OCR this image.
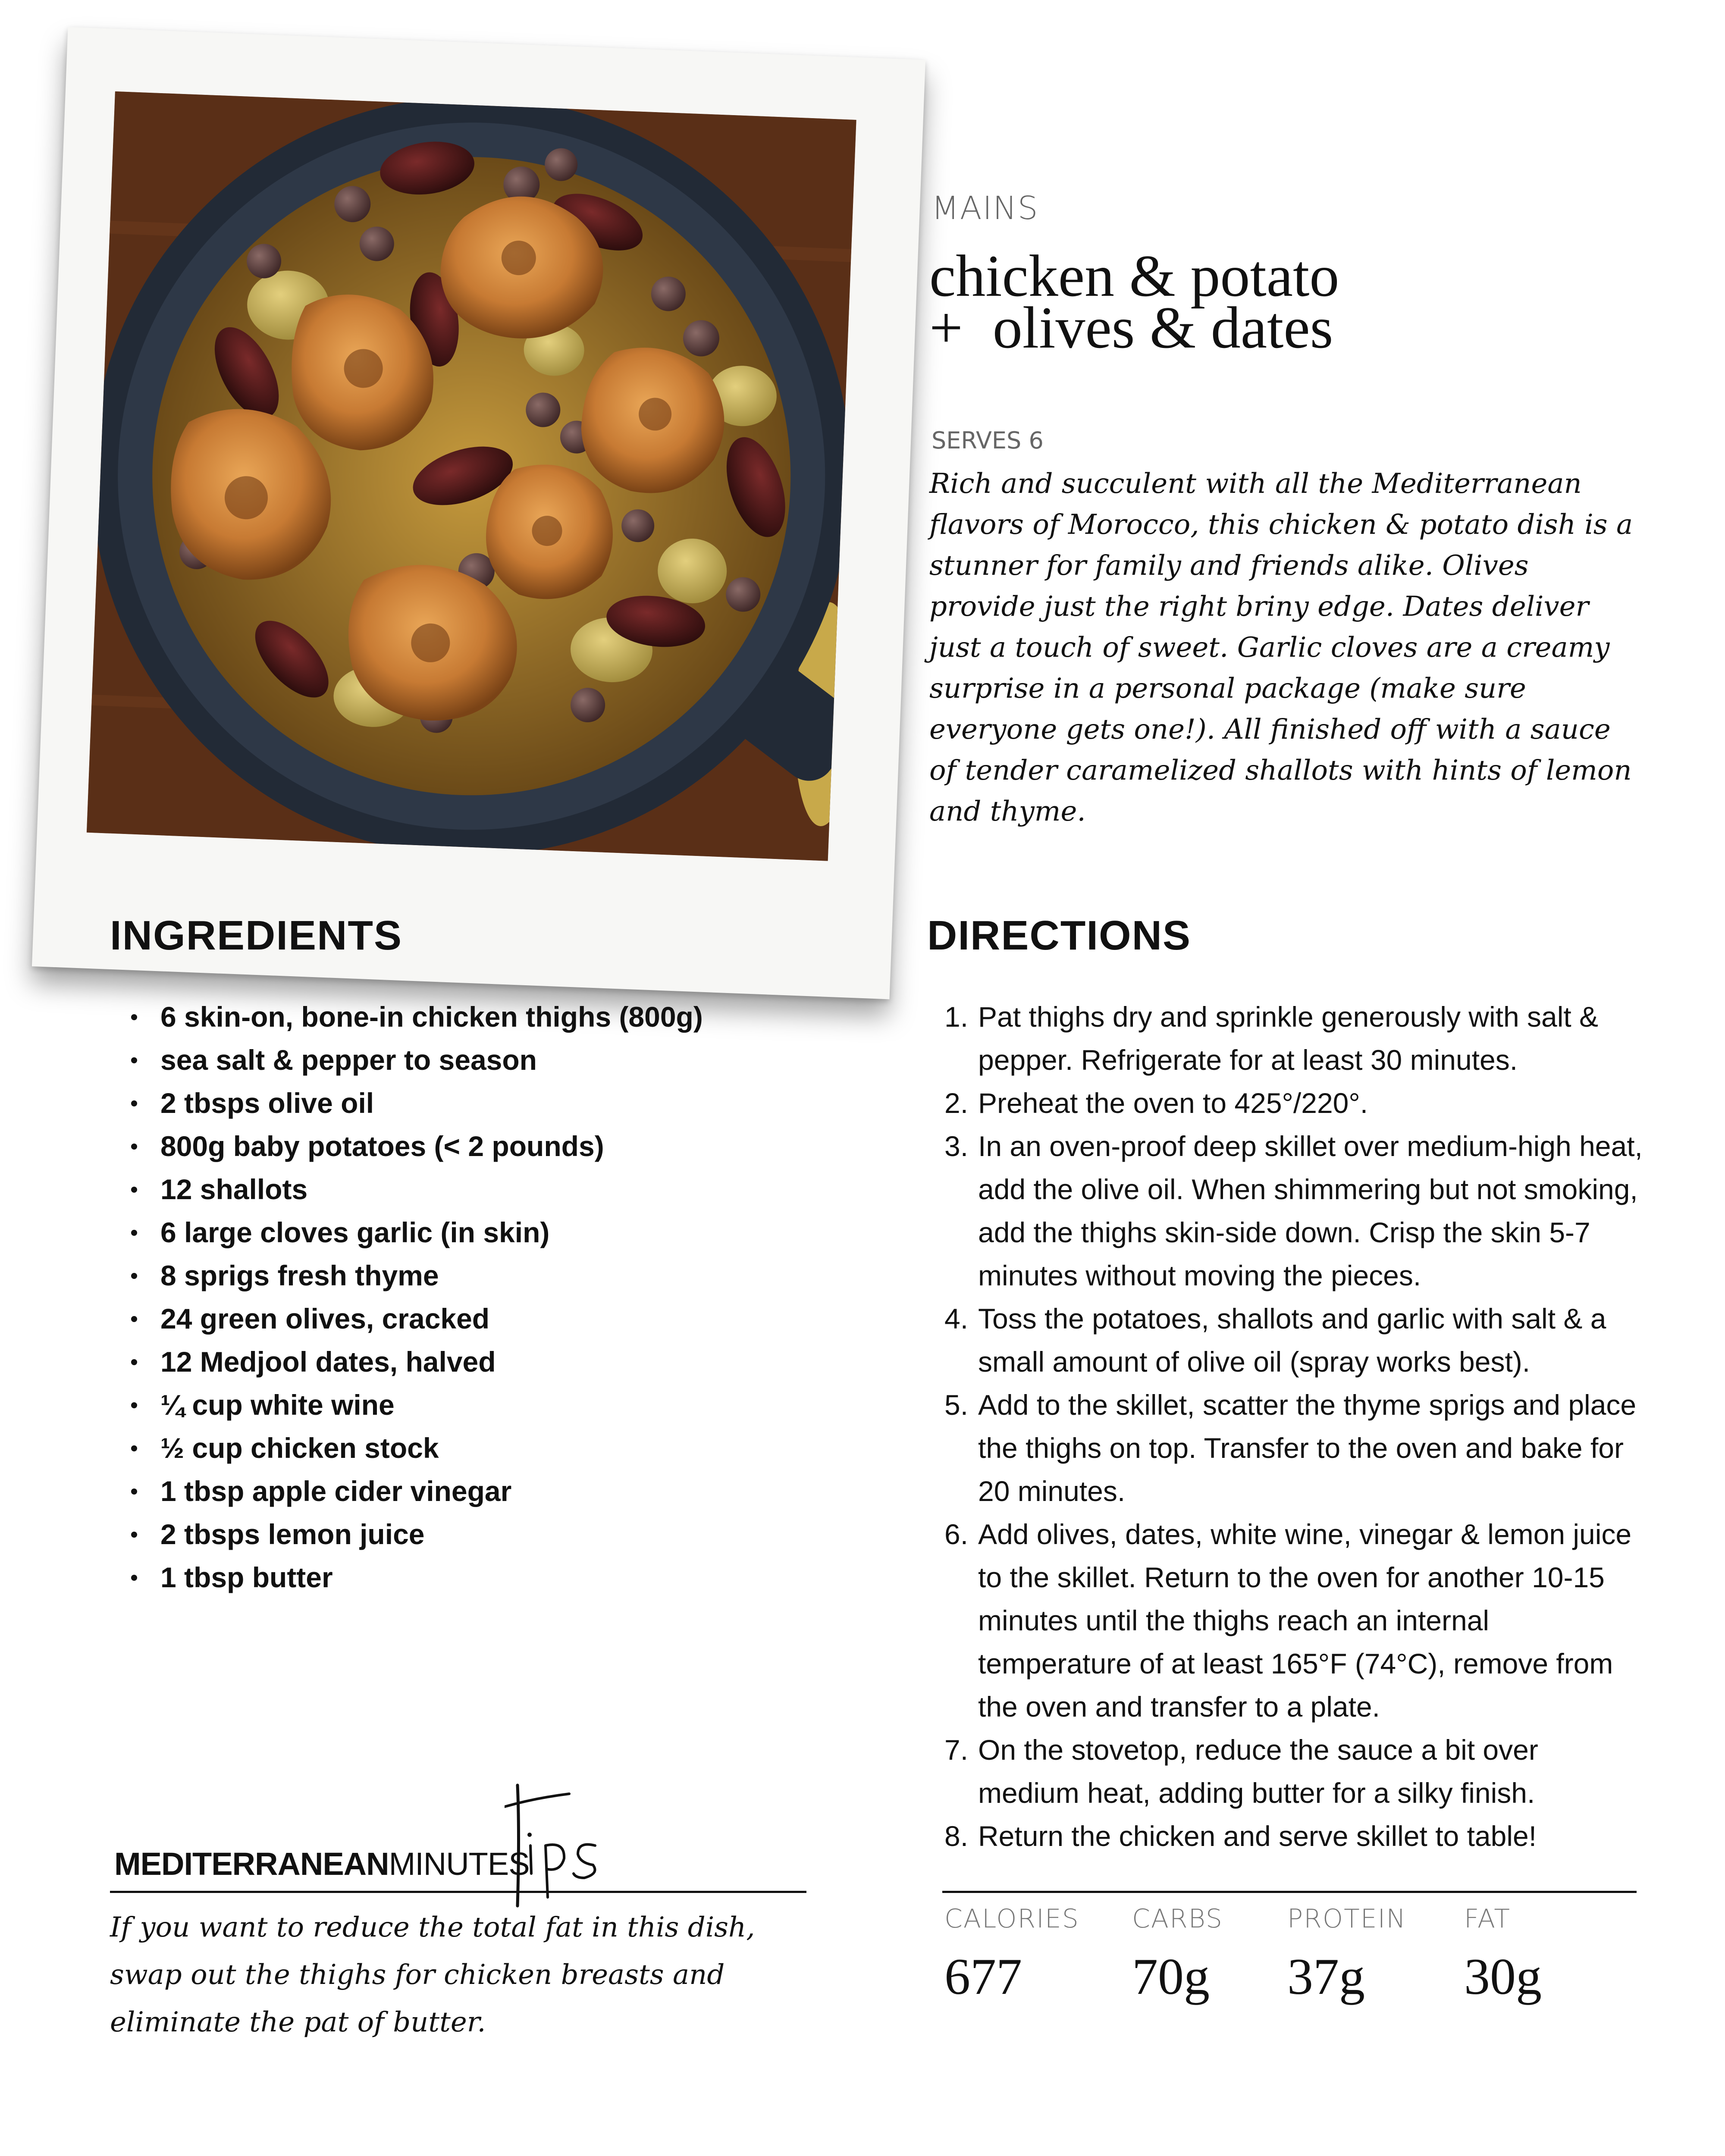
MAINS
chicken & potato
+  olives & dates
SERVES 6
Rich and succulent with all the Mediterranean flavors of Morocco, this chicken & potato dish is a stunner for family and friends alike. Olives provide just the right briny edge. Dates deliver just a touch of sweet. Garlic cloves are a creamy surprise in a personal package (make sure everyone gets one!). All finished off with a sauce of tender caramelized shallots with hints of lemon and thyme.
INGREDIENTS
6 skin-on, bone-in chicken thighs (800g)
sea salt & pepper to season
2 tbsps olive oil
800g baby potatoes (< 2 pounds)
12 shallots
6 large cloves garlic (in skin)
8 sprigs fresh thyme
24 green olives, cracked
12 Medjool dates, halved
¼ cup white wine
½ cup chicken stock
1 tbsp apple cider vinegar
2 tbsps lemon juice
1 tbsp butter
DIRECTIONS
1. Pat thighs dry and sprinkle generously with salt & pepper. Refrigerate for at least 30 minutes.
2. Preheat the oven to 425°/220°.
3. In an oven-proof deep skillet over medium-high heat, add the olive oil. When shimmering but not smoking, add the thighs skin-side down. Crisp the skin 5-7 minutes without moving the pieces.
4. Toss the potatoes, shallots and garlic with salt & a small amount of olive oil (spray works best).
5. Add to the skillet, scatter the thyme sprigs and place the thighs on top. Transfer to the oven and bake for 20 minutes.
6. Add olives, dates, white wine, vinegar & lemon juice to the skillet. Return to the oven for another 10-15 minutes until the thighs reach an internal temperature of at least 165°F (74°C), remove from the oven and transfer to a plate.
7. On the stovetop, reduce the sauce a bit over medium heat, adding butter for a silky finish.
8. Return the chicken and serve skillet to table!
CALORIES
677
CARBS
70g
PROTEIN
37g
FAT
30g
MEDITERRANEANMINUTES
If you want to reduce the total fat in this dish, swap out the thighs for chicken breasts and eliminate the pat of butter.
